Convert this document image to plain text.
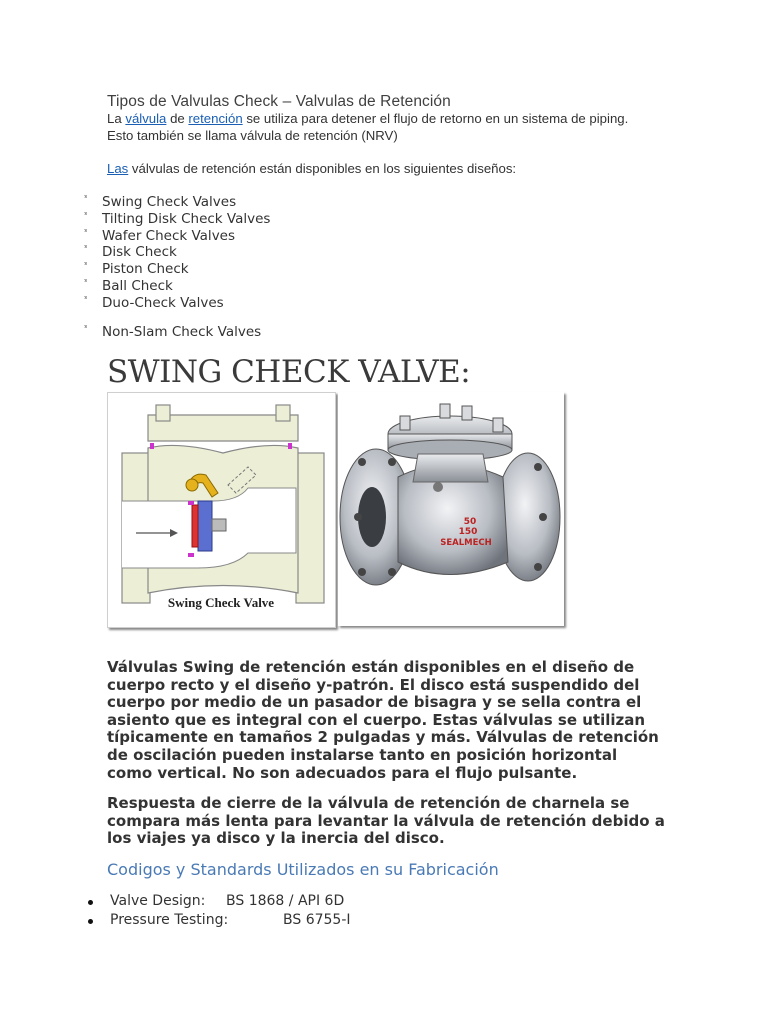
Tipos de Valvulas Check – Valvulas de Retención
La válvula de retención se utiliza para detener el flujo de retorno en un sistema de piping.
Esto también se llama válvula de retención (NRV)
Las válvulas de retención están disponibles en los siguientes diseños:
ᵌ Swing Check Valves
ᵌ Tilting Disk Check Valves
ᵌ Wafer Check Valves
ᵌ Disk Check
ᵌ Piston Check
ᵌ Ball Check
ᵌ Duo-Check Valves
ᵌ Non-Slam Check Valves
SWING CHECK VALVE:
Swing Check Valve
50
150
SEALMECH
Válvulas Swing de retención están disponibles en el diseño de cuerpo recto y el diseño y-patrón. El disco está suspendido del cuerpo por medio de un pasador de bisagra y se sella contra el asiento que es integral con el cuerpo. Estas válvulas se utilizan típicamente en tamaños 2 pulgadas y más. Válvulas de retención de oscilación pueden instalarse tanto en posición horizontal como vertical. No son adecuados para el flujo pulsante.
Respuesta de cierre de la válvula de retención de charnela se compara más lenta para levantar la válvula de retención debido a los viajes ya disco y la inercia del disco.
Codigos y Standards Utilizados en su Fabricación
Valve Design: BS 1868 / API 6D
Pressure Testing:	BS 6755-I
